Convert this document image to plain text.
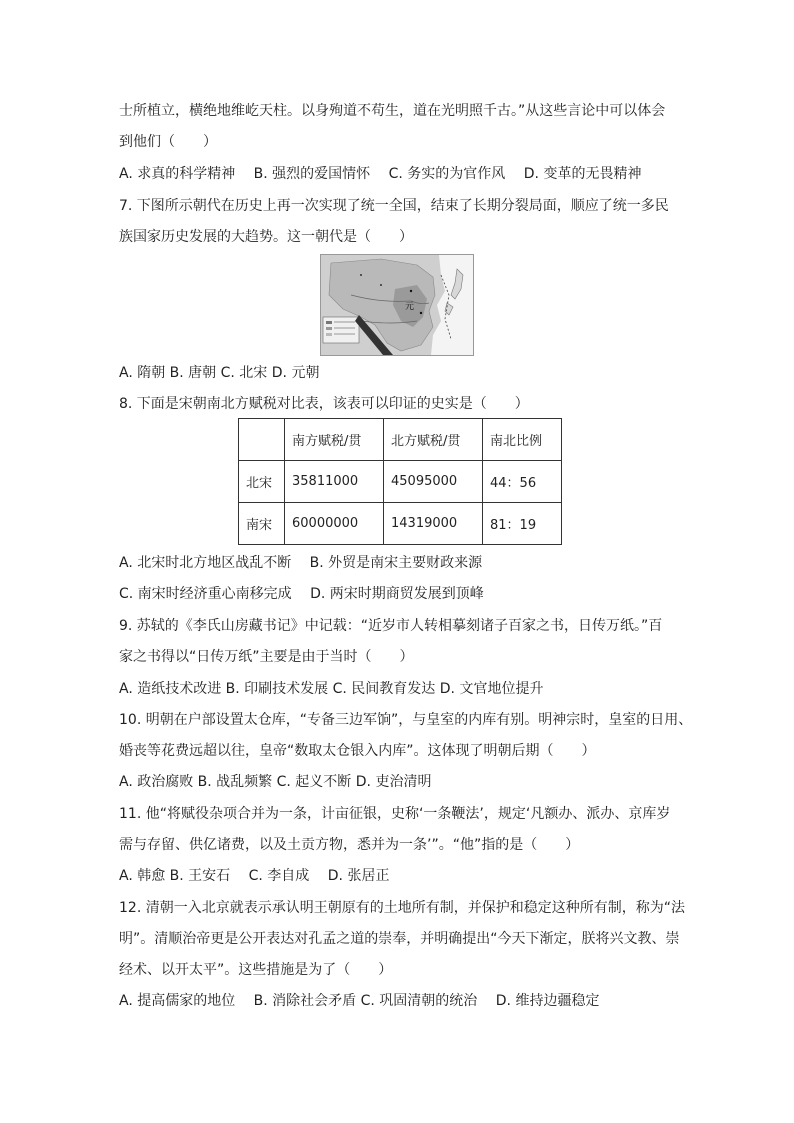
士所植立，横绝地维屹天柱。以身殉道不苟生，道在光明照千古。”从这些言论中可以体会
到他们（　　）
A. 求真的科学精神　 B. 强烈的爱国情怀　 C. 务实的为官作风　 D. 变革的无畏精神
7. 下图所示朝代在历史上再一次实现了统一全国，结束了长期分裂局面，顺应了统一多民
族国家历史发展的大趋势。这一朝代是（　　）
元
A. 隋朝 B. 唐朝 C. 北宋 D. 元朝
8. 下面是宋朝南北方赋税对比表，该表可以印证的史实是（　　）
	南方赋税/贯	北方赋税/贯	南北比例
北宋	35811000	45095000	44：56
南宋	60000000	14319000	81：19
A. 北宋时北方地区战乱不断　 B. 外贸是南宋主要财政来源
C. 南宋时经济重心南移完成　 D. 两宋时期商贸发展到顶峰
9. 苏轼的《李氏山房藏书记》中记载：“近岁市人转相摹刻诸子百家之书，日传万纸。”百
家之书得以“日传万纸”主要是由于当时（　　）
A. 造纸技术改进 B. 印刷技术发展 C. 民间教育发达 D. 文官地位提升
10. 明朝在户部设置太仓库，“专备三边军饷”，与皇室的内库有别。明神宗时，皇室的日用、
婚丧等花费远超以往，皇帝“数取太仓银入内库”。这体现了明朝后期（　　）
A. 政治腐败 B. 战乱频繁 C. 起义不断 D. 吏治清明
11. 他“将赋役杂项合并为一条，计亩征银，史称‘一条鞭法’，规定‘凡额办、派办、京库岁
需与存留、供亿诸费，以及土贡方物，悉并为一条’”。“他”指的是（　　）
A. 韩愈 B. 王安石　 C. 李自成　 D. 张居正
12. 清朝一入北京就表示承认明王朝原有的土地所有制，并保护和稳定这种所有制，称为“法
明”。清顺治帝更是公开表达对孔孟之道的崇奉，并明确提出“今天下渐定，朕将兴文教、崇
经术、以开太平”。这些措施是为了（　　）
A. 提高儒家的地位　 B. 消除社会矛盾 C. 巩固清朝的统治　 D. 维持边疆稳定
